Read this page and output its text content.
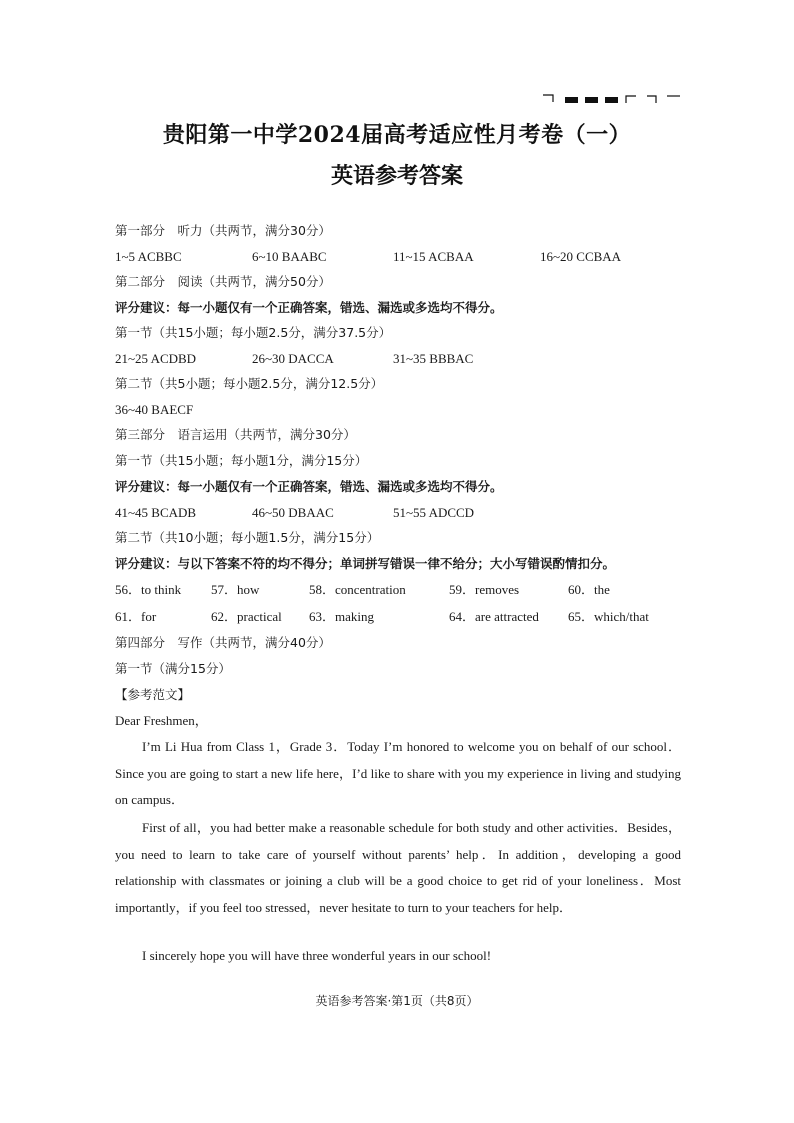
贵阳第一中学2024届高考适应性月考卷（一）
英语参考答案
第一部分　听力（共两节，满分30分）
1~5 ACBBC	6~10 BAABC	11~15 ACBAA	16~20 CCBAA
第二部分　阅读（共两节，满分50分）
评分建议：每一小题仅有一个正确答案，错选、漏选或多选均不得分。
第一节（共15小题；每小题2.5分，满分37.5分）
21~25 ACDBD	26~30 DACCA	31~35 BBBAC
第二节（共5小题；每小题2.5分，满分12.5分）
36~40 BAECF
第三部分　语言运用（共两节，满分30分）
第一节（共15小题；每小题1分，满分15分）
评分建议：每一小题仅有一个正确答案，错选、漏选或多选均不得分。
41~45 BCADB	46~50 DBAAC	51~55 ADCCD
第二节（共10小题；每小题1.5分，满分15分）
评分建议：与以下答案不符的均不得分；单词拼写错误一律不给分；大小写错误酌情扣分。
56．to think 57．how	58．concentration	59．removes	60．the
61．for	62．practical 63．making	64．are attracted 65．which/that
第四部分　写作（共两节，满分40分）
第一节（满分15分）
【参考范文】
Dear Freshmen，
I’m Li Hua from Class 1，Grade 3．Today I’m honored to welcome you on behalf of our school．Since you are going to start a new life here，I’d like to share with you my experience in living and studying on campus．
First of all，you had better make a reasonable schedule for both study and other activities．Besides，you need to learn to take care of yourself without parents’ help．In addition，developing a good relationship with classmates or joining a club will be a good choice to get rid of your loneliness．Most importantly，if you feel too stressed，never hesitate to turn to your teachers for help．
I sincerely hope you will have three wonderful years in our school!
英语参考答案·第1页（共8页）
